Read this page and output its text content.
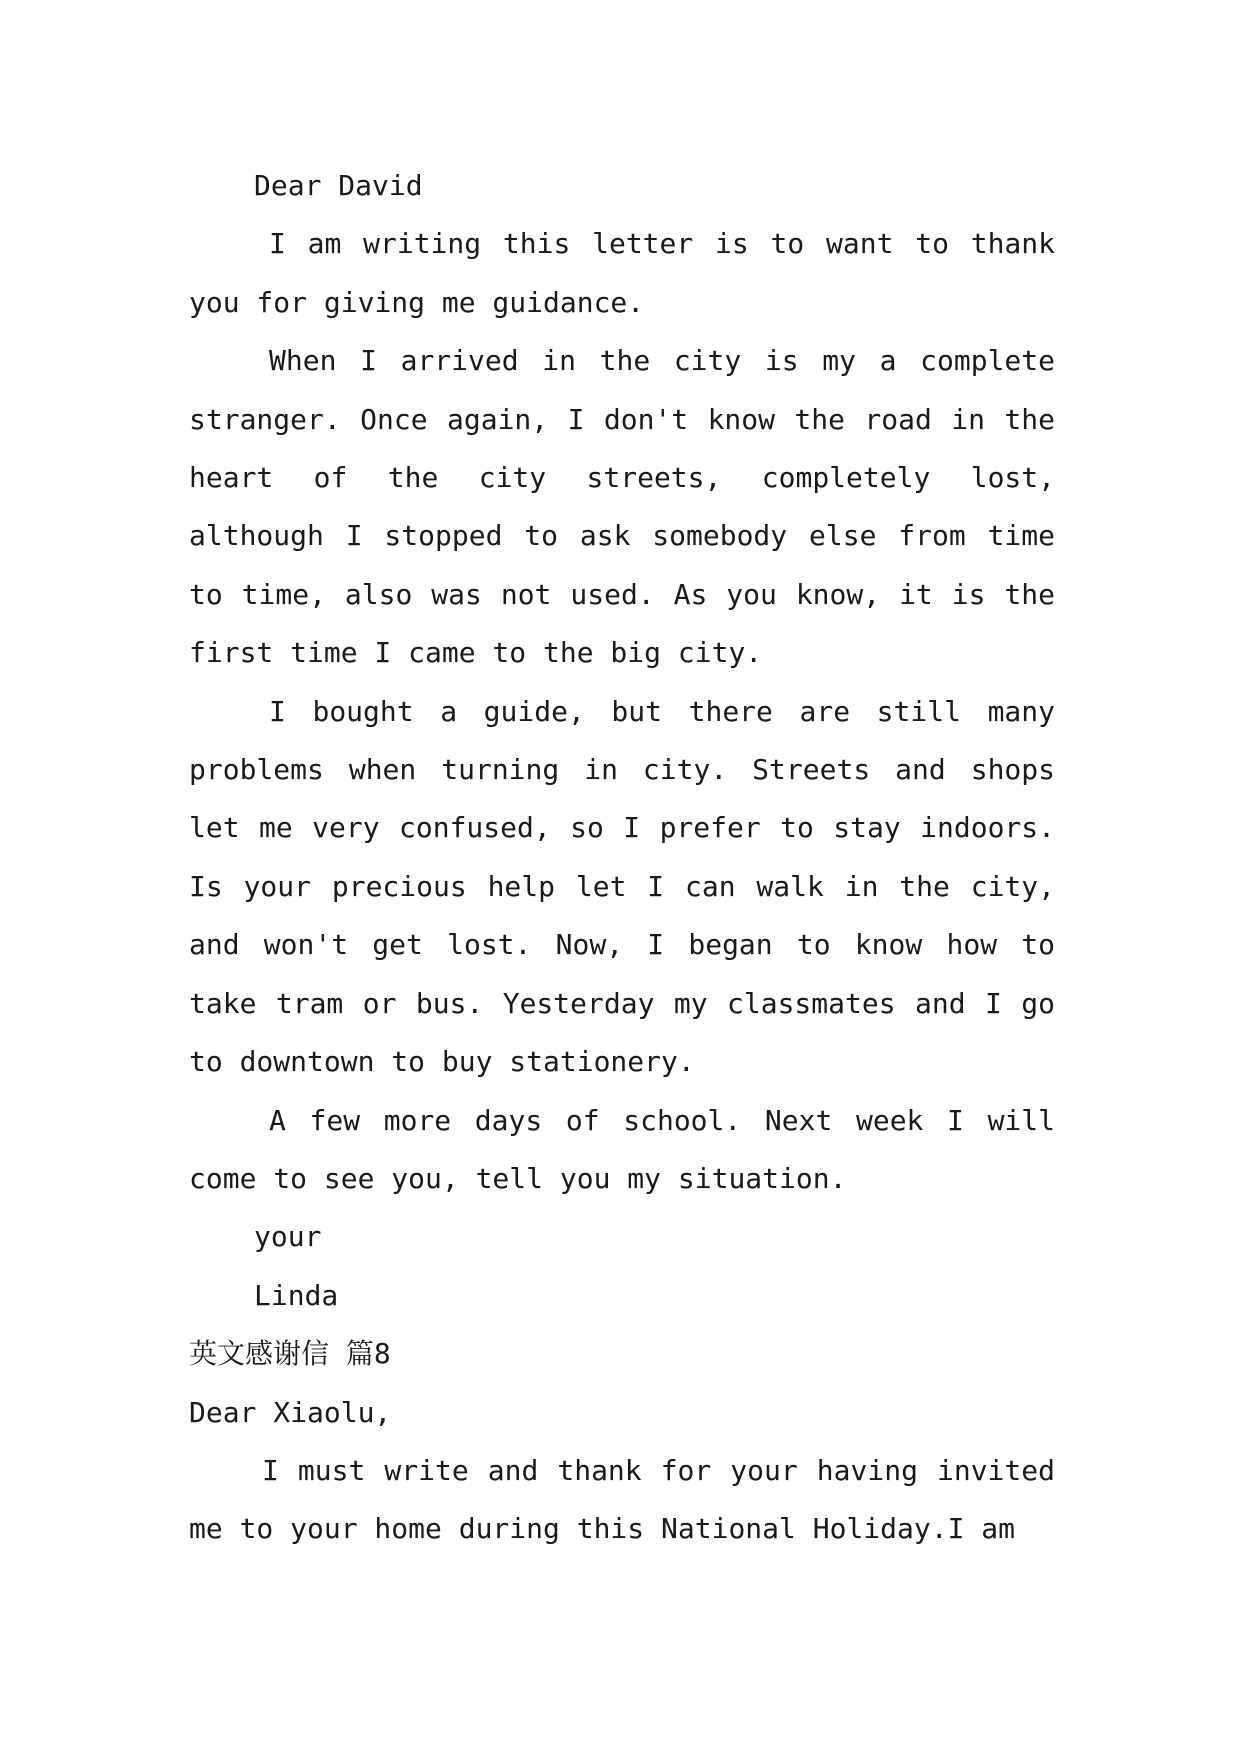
Dear David

I am writing this letter is to want to thank you for giving me guidance.

When I arrived in the city is my a complete stranger. Once again, I don't know the road in the heart of the city streets, completely lost, although I stopped to ask somebody else from time to time, also was not used. As you know, it is the first time I came to the big city.

I bought a guide, but there are still many problems when turning in city. Streets and shops let me very confused, so I prefer to stay indoors. Is your precious help let I can walk in the city, and won't get lost. Now, I began to know how to take tram or bus. Yesterday my classmates and I go to downtown to buy stationery.

A few more days of school. Next week I will come to see you, tell you my situation.

your

Linda

英文感谢信 篇8

Dear Xiaolu,

I must write and thank for your having invited me to your home during this National Holiday.I am
